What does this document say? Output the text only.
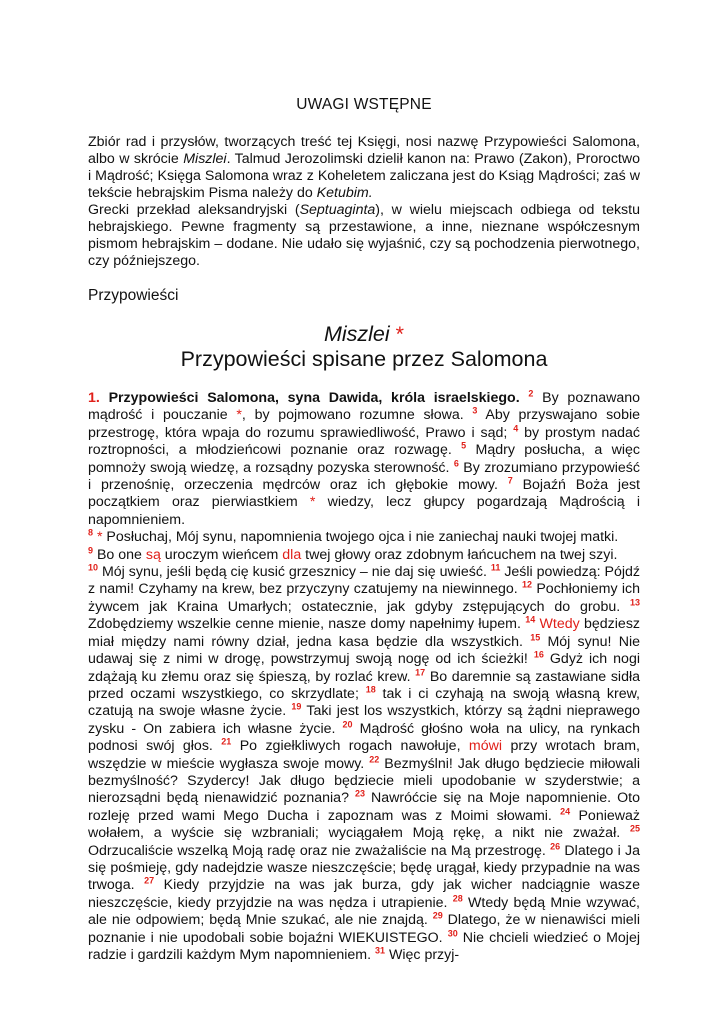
UWAGI WSTĘPNE

Zbiór rad i przysłów, tworzących treść tej Księgi, nosi nazwę Przypowieści Salomona, albo w skrócie Miszlei. Talmud Jerozolimski dzielił kanon na: Prawo (Zakon), Proroctwo i Mądrość; Księga Salomona wraz z Koheletem zaliczana jest do Ksiąg Mądrości; zaś w tekście hebrajskim Pisma należy do Ketubim.

Grecki przekład aleksandryjski (Septuaginta), w wielu miejscach odbiega od tekstu hebrajskiego. Pewne fragmenty są przestawione, a inne, nieznane współczesnym pismom hebrajskim – dodane. Nie udało się wyjaśnić, czy są pochodzenia pierwotnego, czy późniejszego.

Przypowieści
Miszlei *
Przypowieści spisane przez Salomona

1. Przypowieści Salomona, syna Dawida, króla israelskiego. $^2$ By poznawano mądrość i pouczanie *, by pojmowano rozumne słowa. $^3$ Aby przyswajano sobie przestrogę, która wpaja do rozumu sprawiedliwość, Prawo i sąd; $^4$ by prostym nadać roztropności, a młodzieńcowi poznanie oraz rozwagę. $^5$ Mądry posłucha, a więc pomnoży swoją wiedzę, a rozsądny pozyska sterowność. $^6$ By zrozumiano przypowieść i przenośnię, orzeczenia mędrców oraz ich głębokie mowy. $^7$ Bojaźń Boża jest początkiem oraz pierwiastkiem * wiedzy, lecz głupcy pogardzają Mądrością i napomnieniem.

$^8$ * Posłuchaj, Mój synu, napomnienia twojego ojca i nie zaniechaj nauki twojej matki.

$^9$ Bo one są uroczym wieńcem dla twej głowy oraz zdobnym łańcuchem na twej szyi.

$^{10}$ Mój synu, jeśli będą cię kusić grzesznicy – nie daj się uwieść. $^{11}$ Jeśli powiedzą: Pójdź z nami! Czyhamy na krew, bez przyczyny czatujemy na niewinnego. $^{12}$ Pochłoniemy ich żywcem jak Kraina Umarłych; ostatecznie, jak gdyby zstępujących do grobu. $^{13}$ Zdobędziemy wszelkie cenne mienie, nasze domy napełnimy łupem. $^{14}$ Wtedy będziesz miał między nami równy dział, jedna kasa będzie dla wszystkich. $^{15}$ Mój synu! Nie udawaj się z nimi w drogę, powstrzymuj swoją nogę od ich ścieżki! $^{16}$ Gdyż ich nogi zdążają ku złemu oraz się śpieszą, by rozlać krew. $^{17}$ Bo daremnie są zastawiane sidła przed oczami wszystkiego, co skrzydlate; $^{18}$ tak i ci czyhają na swoją własną krew, czatują na swoje własne życie. $^{19}$ Taki jest los wszystkich, którzy są żądni nieprawego zysku - On zabiera ich własne życie. $^{20}$ Mądrość głośno woła na ulicy, na rynkach podnosi swój głos. $^{21}$ Po zgiełkliwych rogach nawołuje, mówi przy wrotach bram, wszędzie w mieście wygłasza swoje mowy. $^{22}$ Bezmyślni! Jak długo będziecie miłowali bezmyślność? Szydercy! Jak długo będziecie mieli upodobanie w szyderstwie; a nierozsądni będą nienawidzić poznania? $^{23}$ Nawróćcie się na Moje napomnienie. Oto rozleję przed wami Mego Ducha i zapoznam was z Moimi słowami. $^{24}$ Ponieważ wołałem, a wyście się wzbraniali; wyciągałem Moją rękę, a nikt nie zważał. $^{25}$ Odrzucaliście wszelką Moją radę oraz nie zważaliście na Mą przestrogę. $^{26}$ Dlatego i Ja się pośmieję, gdy nadejdzie wasze nieszczęście; będę urągał, kiedy przypadnie na was trwoga. $^{27}$ Kiedy przyjdzie na was jak burza, gdy jak wicher nadciągnie wasze nieszczęście, kiedy przyjdzie na was nędza i utrapienie. $^{28}$ Wtedy będą Mnie wzywać, ale nie odpowiem; będą Mnie szukać, ale nie znajdą. $^{29}$ Dlatego, że w nienawiści mieli poznanie i nie upodobali sobie bojaźni WIEKUISTEGO. $^{30}$ Nie chcieli wiedzieć o Mojej radzie i gardzili każdym Mym napomnieniem. $^{31}$ Więc przyj-
